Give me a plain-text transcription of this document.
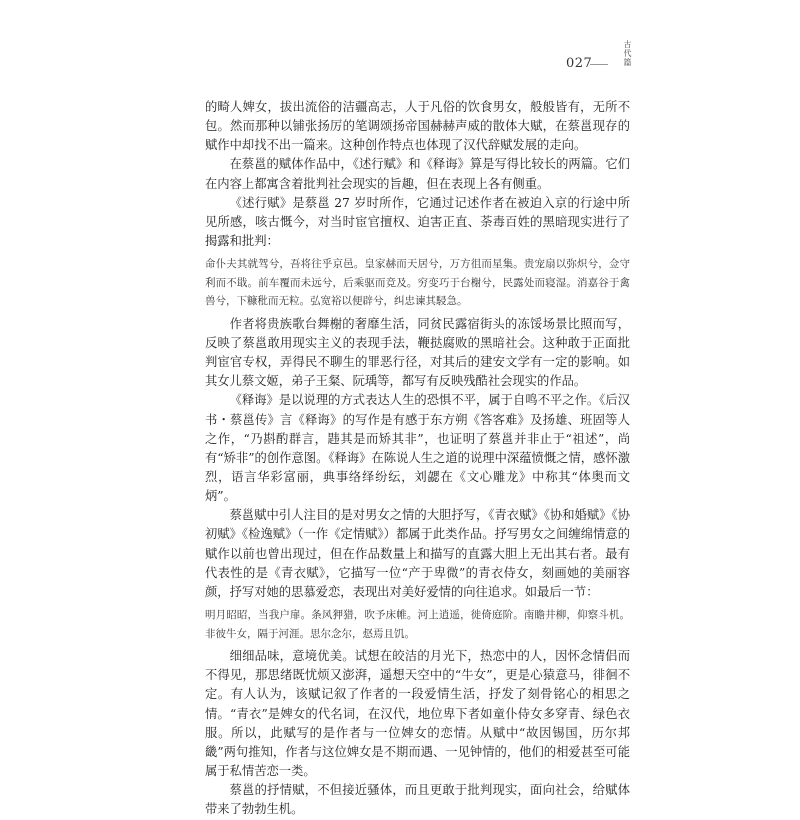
027	古代篇

的畸人婢女，拔出流俗的洁疆高志，人于凡俗的饮食男女，般般皆有，无所不包。然而那种以铺张扬厉的笔调颂扬帝国赫赫声威的散体大赋，在蔡邕现存的赋作中却找不出一篇来。这种创作特点也体现了汉代辞赋发展的走向。

在蔡邕的赋体作品中，《述行赋》和《释诲》算是写得比较长的两篇。它们在内容上都寓含着批判社会现实的旨趣，但在表现上各有侧重。

《述行赋》是蔡邕 27 岁时所作，它通过记述作者在被迫入京的行途中所见所感，咳古慨今，对当时宦官擅权、迫害正直、荼毒百姓的黑暗现实进行了揭露和批判：

命仆夫其就驾兮，吾将往乎京邑。皇家赫而天居兮，万方徂而星集。贵宠扇以弥炽兮，佥守利而不戢。前车覆而未远兮，后乘驱而竞及。穷变巧于台榭兮，民露处而寝湿。消嘉谷于禽兽兮，下糠秕而无粒。弘宽裕以便辟兮，纠忠谏其駸急。

作者将贵族歌台舞榭的奢靡生活，同贫民露宿街头的冻馁场景比照而写，反映了蔡邕敢用现实主义的表现手法，鞭挞腐败的黑暗社会。这种敢于正面批判宦官专权，弄得民不聊生的罪恶行径，对其后的建安文学有一定的影响。如其女儿蔡文姬，弟子王粲、阮瑀等，都写有反映残酷社会现实的作品。

《释诲》是以说理的方式表达人生的恐惧不平，属于自鸣不平之作。《后汉书・蔡邕传》言《释诲》的写作是有感于东方朔《答客难》及扬雄、班固等人之作，“乃斟酌群言，韪其是而矫其非”，也证明了蔡邕并非止于“祖述”，尚有“矫非”的创作意图。《释诲》在陈说人生之道的说理中深蕴愤慨之情，感怀激烈，语言华彩富丽，典事络绎纷纭，刘勰在《文心雕龙》中称其“体奥而文炳”。

蔡邕赋中引人注目的是对男女之情的大胆抒写，《青衣赋》《协和婚赋》《协初赋》《检逸赋》（一作《定情赋》）都属于此类作品。抒写男女之间缠绵情意的赋作以前也曾出现过，但在作品数量上和描写的直露大胆上无出其右者。最有代表性的是《青衣赋》，它描写一位“产于卑微”的青衣侍女，刻画她的美丽容颜，抒写对她的思慕爱恋，表现出对美好爱情的向往追求。如最后一节：

明月昭昭，当我户扉。条风狎猎，吹予床帷。河上逍遥，徙倚庭阶。南瞻井柳，仰察斗机。非彼牛女，隔于河涯。思尔念尔，惄焉且饥。

细细品味，意境优美。试想在皎洁的月光下，热恋中的人，因怀念情侣而不得见，那思绪既忧烦又澎湃，遥想天空中的“牛女”，更是心猿意马，徘徊不定。有人认为，该赋记叙了作者的一段爱情生活，抒发了刻骨铭心的相思之情。“青衣”是婢女的代名词，在汉代，地位卑下者如童仆侍女多穿青、绿色衣服。所以，此赋写的是作者与一位婢女的恋情。从赋中“故因锡国，历尔邦畿”两句推知，作者与这位婢女是不期而遇、一见钟情的，他们的相爱甚至可能属于私情苦恋一类。

蔡邕的抒情赋，不但接近骚体，而且更敢于批判现实，面向社会，给赋体带来了勃勃生机。
